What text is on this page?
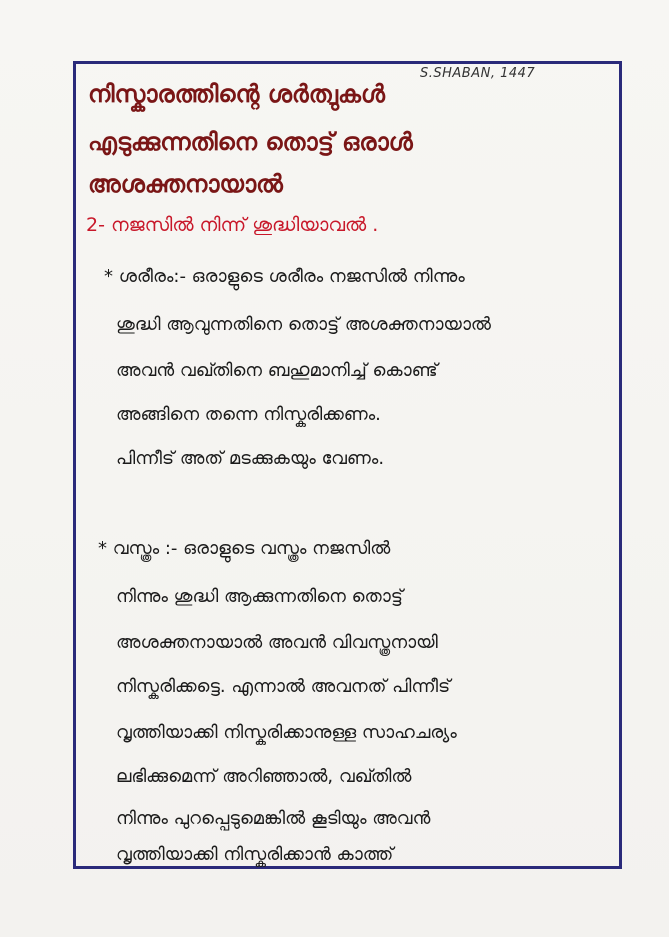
S.SHABAN, 1447
നിസ്കാരത്തിന്റെ ശർത്വുകൾ
എടുക്കുന്നതിനെ തൊട്ട് ഒരാൾ
അശക്തനായാൽ
2- നജസിൽ നിന്ന് ശുദ്ധിയാവൽ .
* ശരീരം:- ഒരാളുടെ ശരീരം നജസിൽ നിന്നും
ശുദ്ധി ആവുന്നതിനെ തൊട്ട് അശക്തനായാൽ
അവൻ വഖ്തിനെ ബഹുമാനിച്ച് കൊണ്ട്
അങ്ങിനെ തന്നെ നിസ്കരിക്കണം.
പിന്നീട് അത് മടക്കുകയും വേണം.
* വസ്ത്രം :- ഒരാളുടെ വസ്ത്രം നജസിൽ
നിന്നും ശുദ്ധി ആക്കുന്നതിനെ തൊട്ട്
അശക്തനായാൽ അവൻ വിവസ്ത്രനായി
നിസ്കരിക്കട്ടെ. എന്നാൽ അവനത് പിന്നീട്
വൃത്തിയാക്കി നിസ്കരിക്കാനുള്ള സാഹചര്യം
ലഭിക്കുമെന്ന് അറിഞ്ഞാൽ, വഖ്തിൽ
നിന്നും പുറപ്പെടുമെങ്കിൽ കൂടിയും അവൻ
വൃത്തിയാക്കി നിസ്കരിക്കാൻ കാത്ത്
